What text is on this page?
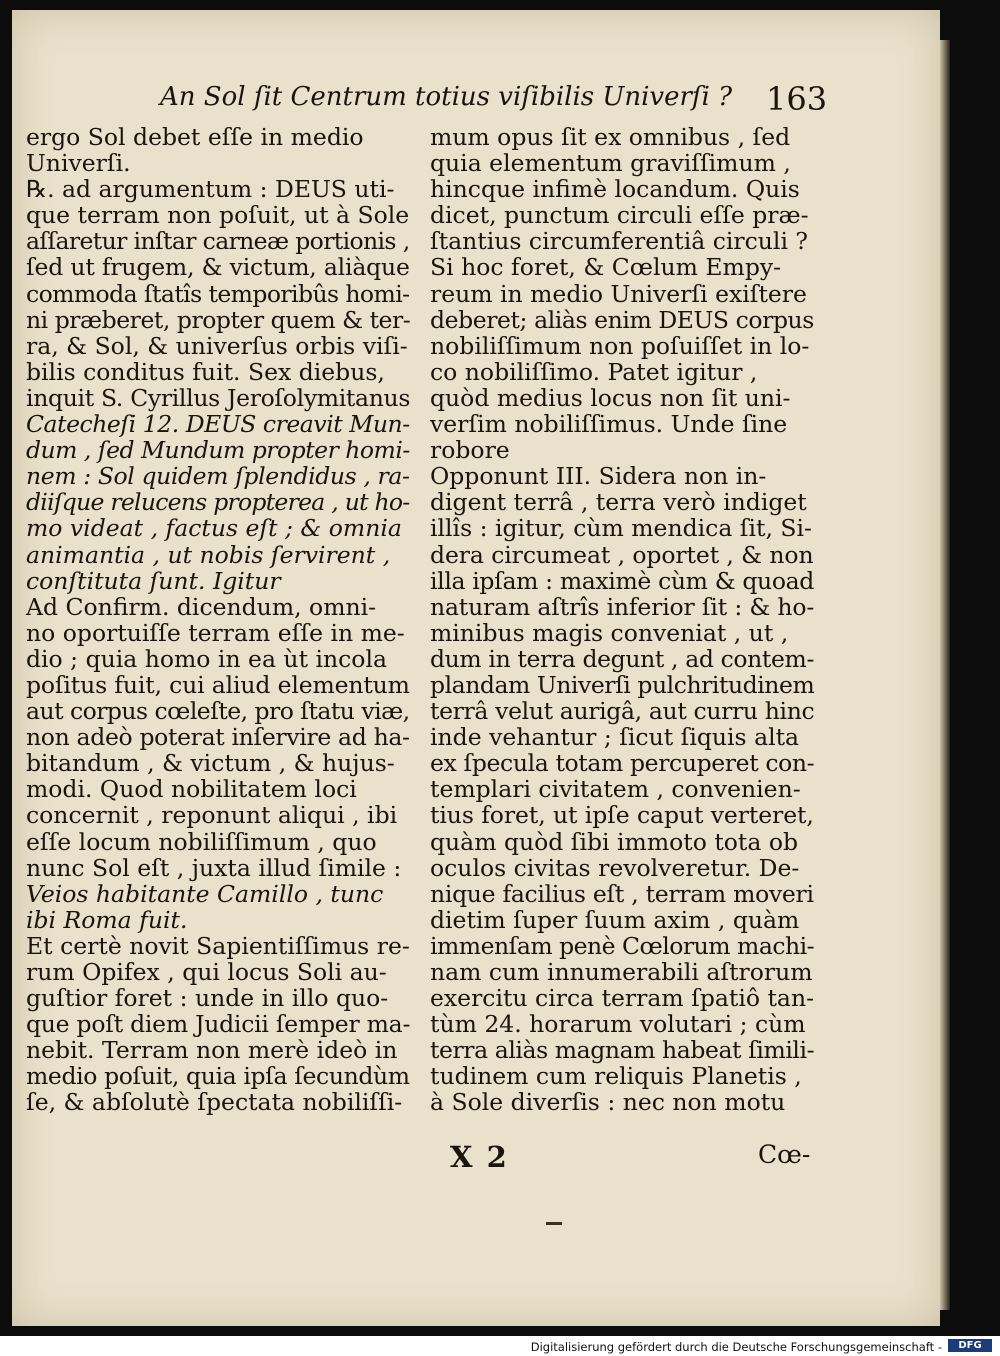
An Sol ſit Centrum totius viſibilis Univerſi ? 163
ergo Sol debet eſſe in medio
Univerſi.
℞. ad argumentum : DEUS uti-
que terram non poſuit, ut à Sole
aſſaretur inſtar carneæ portionis ,
ſed ut frugem, & victum, aliàque
commoda ſtatîs temporibûs homi-
ni præberet, propter quem & ter-
ra, & Sol, & univerſus orbis viſi-
bilis conditus fuit. Sex diebus,
inquit S. Cyrillus Jeroſolymitanus
Catecheſi 12. DEUS creavit Mun-
dum , ſed Mundum propter homi-
nem : Sol quidem ſplendidus , ra-
diiſque relucens propterea , ut ho-
mo videat , factus eſt ; & omnia
animantia , ut nobis ſervirent ,
conſtituta ſunt. Igitur
Ad Confirm. dicendum, omni-
no oportuiſſe terram eſſe in me-
dio ; quia homo in ea ùt incola
poſitus fuit, cui aliud elementum
aut corpus cœleſte, pro ſtatu viæ,
non adeò poterat inſervire ad ha-
bitandum , & victum , & hujus-
modi. Quod nobilitatem loci
concernit , reponunt aliqui , ibi
eſſe locum nobiliſſimum , quo
nunc Sol eſt , juxta illud ſimile :
Veios habitante Camillo , tunc
ibi Roma fuit.
Et certè novit Sapientiſſimus re-
rum Opifex , qui locus Soli au-
guſtior foret : unde in illo quo-
que poſt diem Judicii ſemper ma-
nebit. Terram non merè ideò in
medio poſuit, quia ipſa ſecundùm
ſe, & abſolutè ſpectata nobiliſſi-
mum opus ſit ex omnibus , ſed
quia elementum graviſſimum ,
hincque infimè locandum. Quis
dicet, punctum circuli eſſe præ-
ſtantius circumferentiâ circuli ?
Si hoc foret, & Cœlum Empy-
reum in medio Univerſi exiſtere
deberet; aliàs enim DEUS corpus
nobiliſſimum non poſuiſſet in lo-
co nobiliſſimo. Patet igitur ,
quòd medius locus non ſit uni-
verſim nobiliſſimus. Unde ſine
robore
Opponunt III. Sidera non in-
digent terrâ , terra verò indiget
illîs : igitur, cùm mendica ſit, Si-
dera circumeat , oportet , & non
illa ipſam : maximè cùm & quoad
naturam aſtrîs inferior ſit : & ho-
minibus magis conveniat , ut ,
dum in terra degunt , ad contem-
plandam Univerſi pulchritudinem
terrâ velut aurigâ, aut curru hinc
inde vehantur ; ſicut ſiquis alta
ex ſpecula totam percuperet con-
templari civitatem , convenien-
tius foret, ut ipſe caput verteret,
quàm quòd ſibi immoto tota ob
oculos civitas revolveretur. De-
nique facilius eſt , terram moveri
dietim ſuper ſuum axim , quàm
immenſam penè Cœlorum machi-
nam cum innumerabili aſtrorum
exercitu circa terram ſpatiô tan-
tùm 24. horarum volutari ; cùm
terra aliàs magnam habeat ſimili-
tudinem cum reliquis Planetis ,
à Sole diverſis : nec non motu
X 2	Cœ-
Digitalisierung gefördert durch die Deutsche Forschungsgemeinschaft -	DFG
